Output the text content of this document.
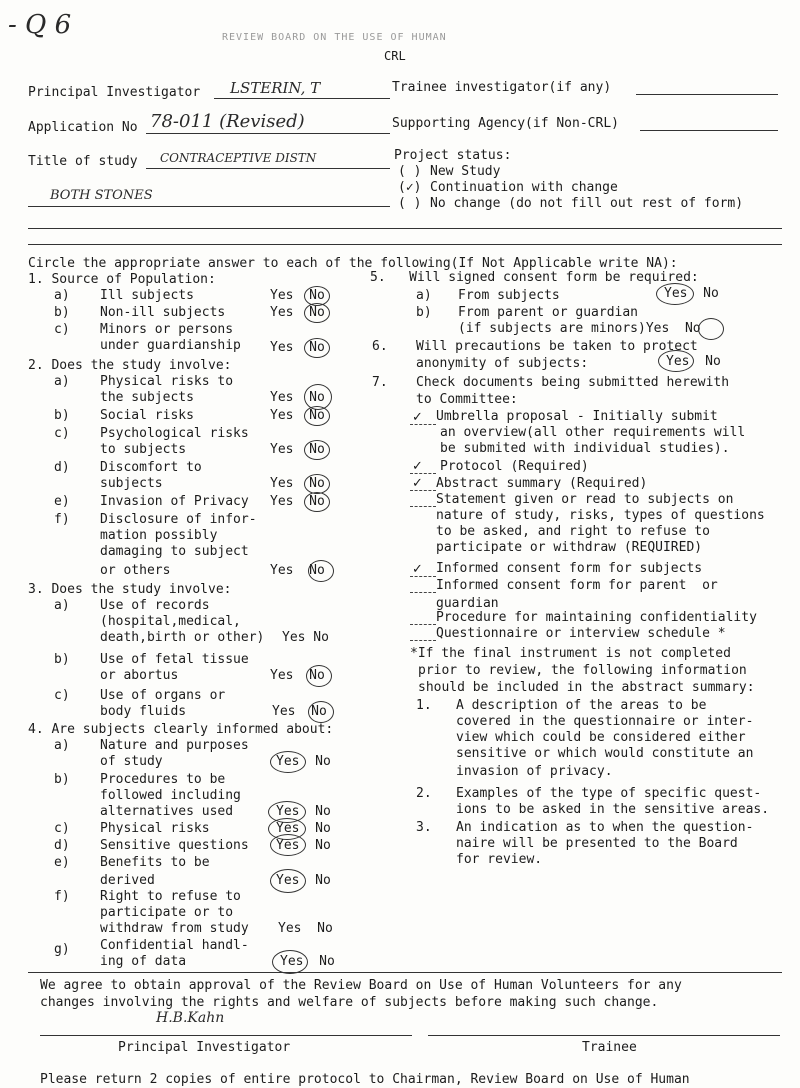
- Q 6	REVIEW BOARD ON THE USE OF HUMAN
CRL
Principal Investigator LSTERIN, T	Trainee investigator(if any)
Application No 78-011 (Revised)	Supporting Agency(if Non-CRL)
Title of study CONTRACEPTIVE DISTN
BOTH STONES
Project status:
( ) New Study
(✓) Continuation with change
( ) No change (do not fill out rest of form)
Circle the appropriate answer to each of the following(If Not Applicable write NA):
1. Source of Population:
a) Ill subjects	Yes  No
b) Non-ill subjects	Yes  No
c) Minors or persons
under guardianship Yes  No
2. Does the study involve:
a) Physical risks to
the subjects	Yes  No
b) Social risks	Yes  No
c) Psychological risks
to subjects	Yes  No
d) Discomfort to
subjects	Yes  No
e) Invasion of Privacy Yes  No
f) Disclosure of infor-
mation possibly
damaging to subject
or others	Yes  No
3. Does the study involve:
a) Use of records
(hospital,medical,
death,birth or other) Yes No
b) Use of fetal tissue
or abortus	Yes  No
c) Use of organs or
body fluids	Yes  No
4. Are subjects clearly informed about:
a) Nature and purposes
of study	Yes  No
b) Procedures to be
followed including
alternatives used	Yes  No
c) Physical risks	Yes  No
d) Sensitive questions Yes  No
e) Benefits to be
derived	Yes  No
f) Right to refuse to
participate or to
withdraw from study Yes  No
g) Confidential handl-
ing of data	Yes  No
5.   Will signed consent form be required:
a) From subjects	Yes  No
b) From parent or guardian
(if subjects are minors)Yes  No
6. Will precautions be taken to protect
anonymity of subjects:	Yes  No
7. Check documents being submitted herewith
to Committee:
✓ Umbrella proposal - Initially submit
an overview(all other requirements will
be submited with individual studies).
✓ Protocol (Required)
✓ Abstract summary (Required)
Statement given or read to subjects on
nature of study, risks, types of questions
to be asked, and right to refuse to
participate or withdraw (REQUIRED)
✓ Informed consent form for subjects
Informed consent form for parent  or
guardian
Procedure for maintaining confidentiality
Questionnaire or interview schedule *
*If the final instrument is not completed
prior to review, the following information
should be included in the abstract summary:
1. A description of the areas to be
covered in the questionnaire or inter-
view which could be considered either
sensitive or which would constitute an
invasion of privacy.
2. Examples of the type of specific quest-
ions to be asked in the sensitive areas.
3. An indication as to when the question-
naire will be presented to the Board
for review.
We agree to obtain approval of the Review Board on Use of Human Volunteers for any
changes involving the rights and welfare of subjects before making such change.
H.B.Kahn
Principal Investigator	Trainee
Please return 2 copies of entire protocol to Chairman, Review Board on Use of Human
